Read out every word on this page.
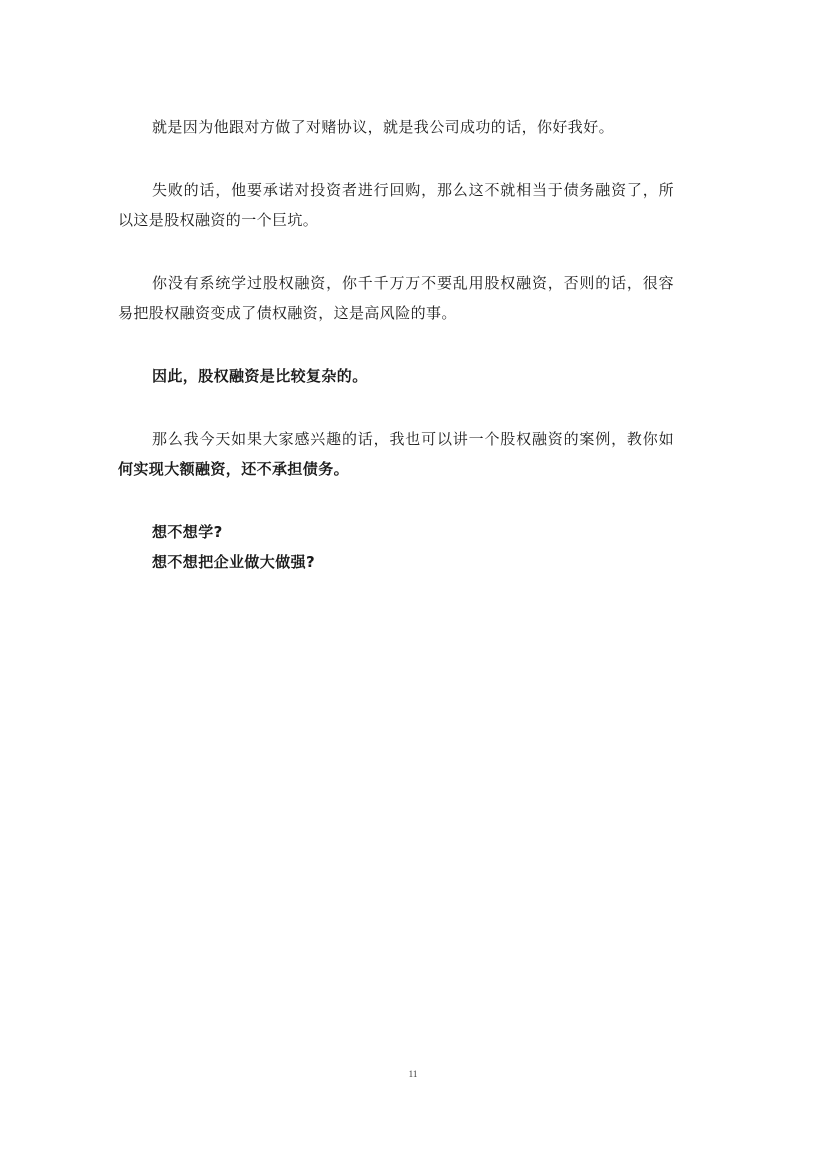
就是因为他跟对方做了对赌协议，就是我公司成功的话，你好我好。

失败的话，他要承诺对投资者进行回购，那么这不就相当于债务融资了，所以这是股权融资的一个巨坑。

你没有系统学过股权融资，你千千万万不要乱用股权融资，否则的话，很容易把股权融资变成了债权融资，这是高风险的事。

因此，股权融资是比较复杂的。

那么我今天如果大家感兴趣的话，我也可以讲一个股权融资的案例，教你如何实现大额融资，还不承担债务。

想不想学?

想不想把企业做大做强?

11
